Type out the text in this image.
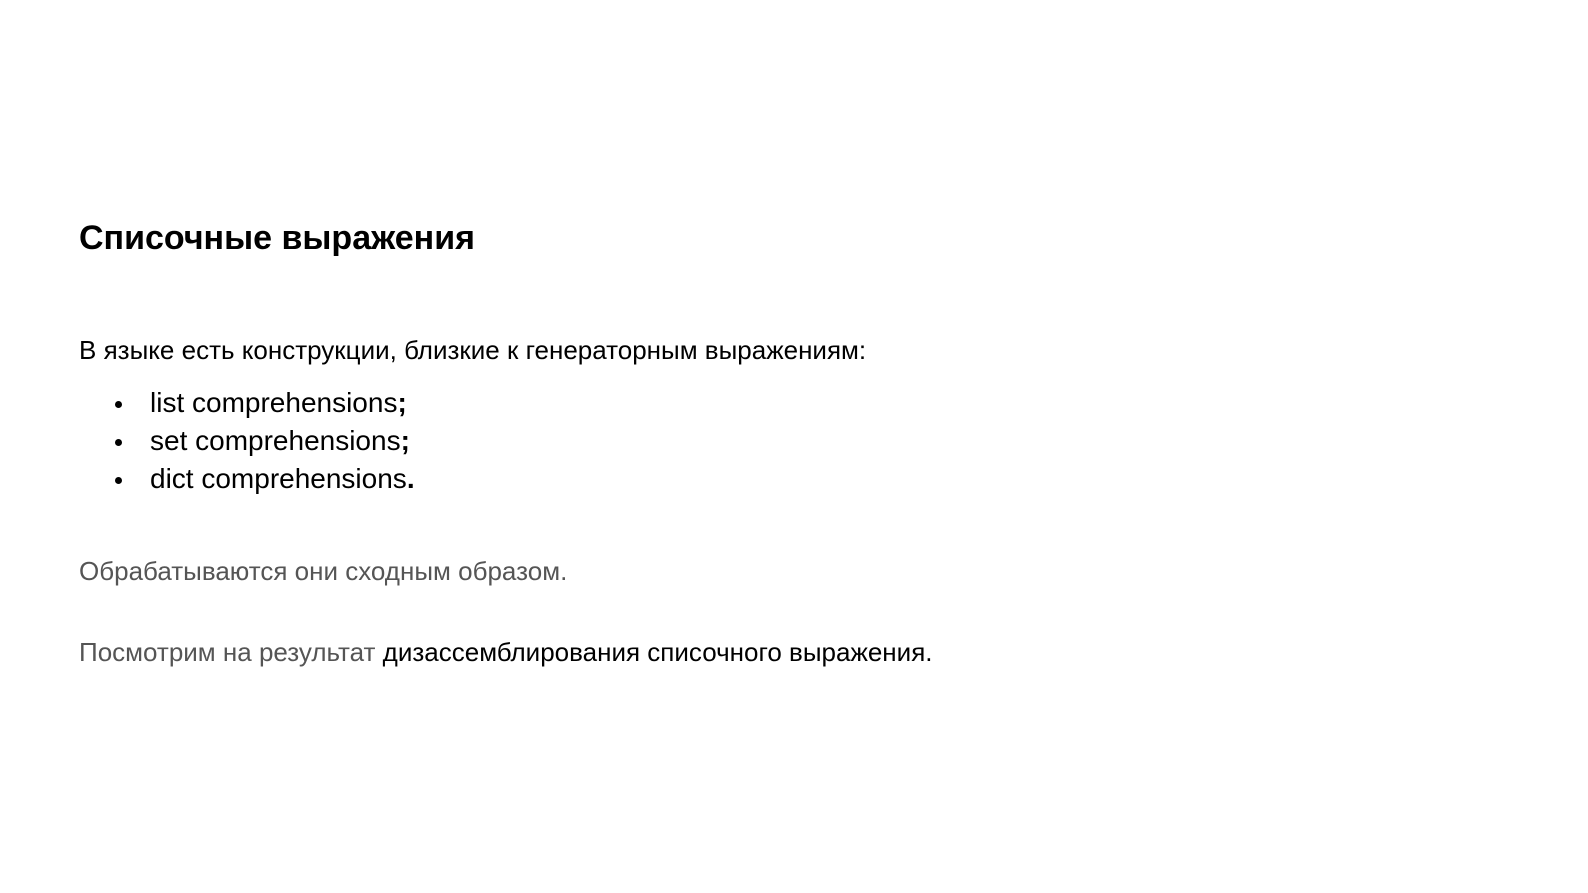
Списочные выражения

В языке есть конструкции, близкие к генераторным выражениям:

list comprehensions;
set comprehensions;
dict comprehensions.

Обрабатываются они сходным образом.

Посмотрим на результат дизассемблирования списочного выражения.
